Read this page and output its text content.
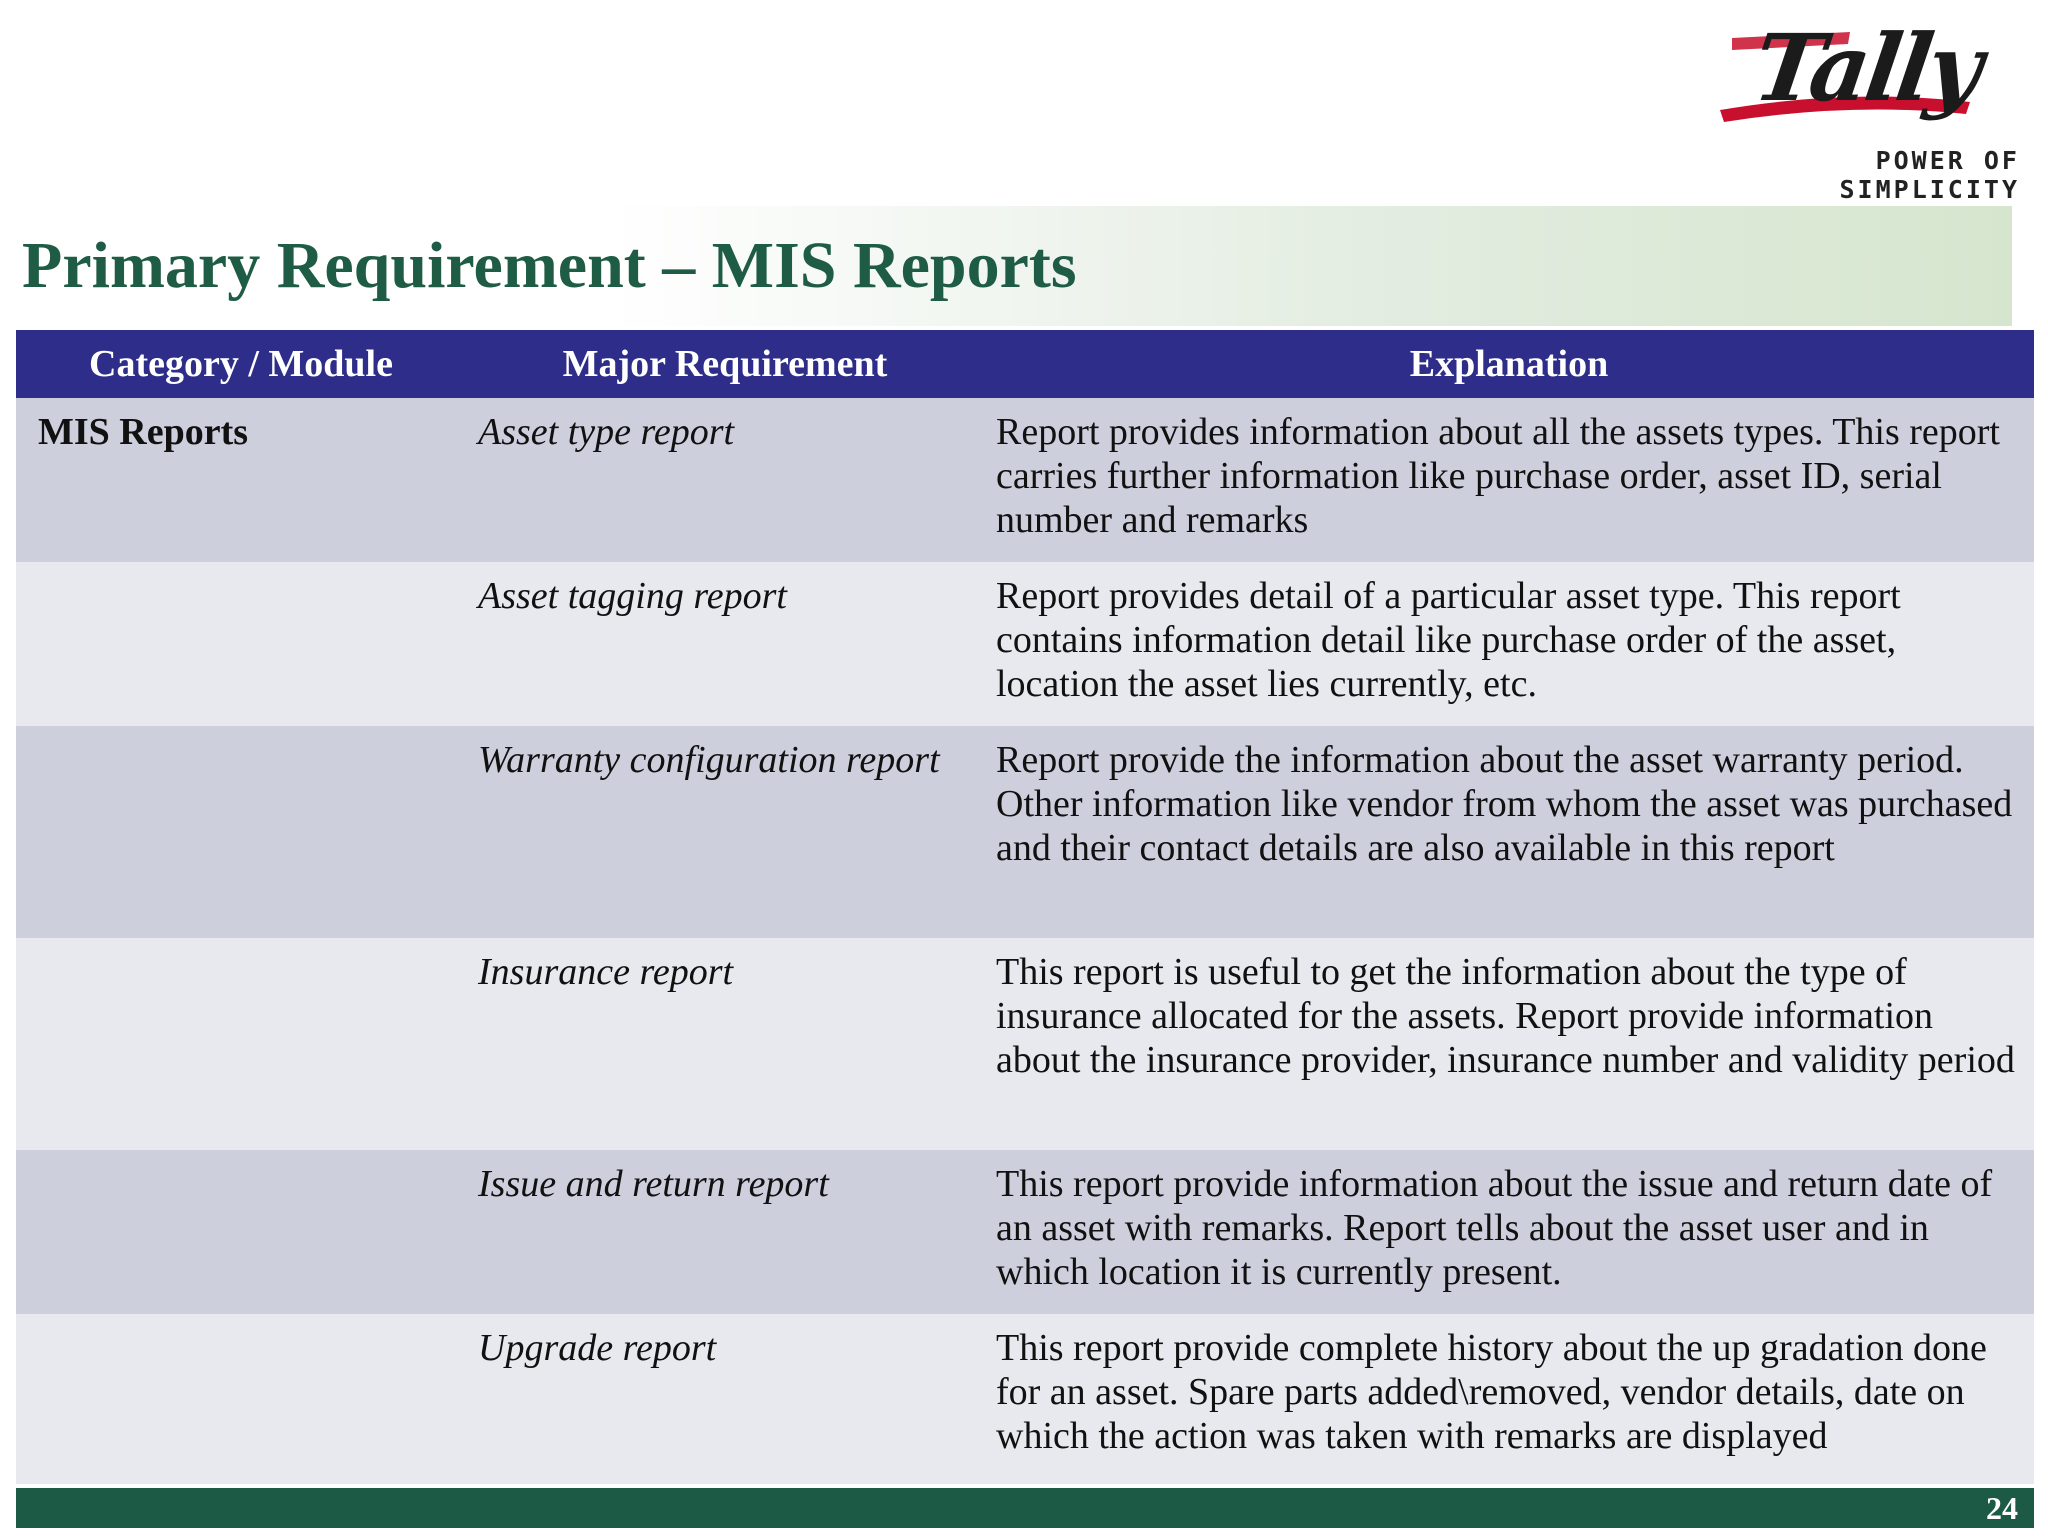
Tally
POWER OF SIMPLICITY
Primary Requirement – MIS Reports
Category / Module	Major Requirement	Explanation
MIS Reports	Asset type report	Report provides information about all the assets types. This report carries further information like purchase order, asset ID, serial number and remarks
	Asset tagging report	Report provides detail of a particular asset type. This report contains information detail like purchase order of the asset, location the asset lies currently, etc.
	Warranty configuration report	Report provide the information about the asset warranty period. Other information like vendor from whom the asset was purchased and their contact details are also available in this report
	Insurance report	This report is useful to get the information about the type of insurance allocated for the assets. Report provide information about the insurance provider, insurance number and validity period
	Issue and return report	This report provide information about the issue and return date of an asset with remarks. Report tells about the asset user and in which location it is currently present.
	Upgrade report	This report provide complete history about the up gradation done for an asset. Spare parts added\removed, vendor details, date on which the action was taken with remarks are displayed
24
